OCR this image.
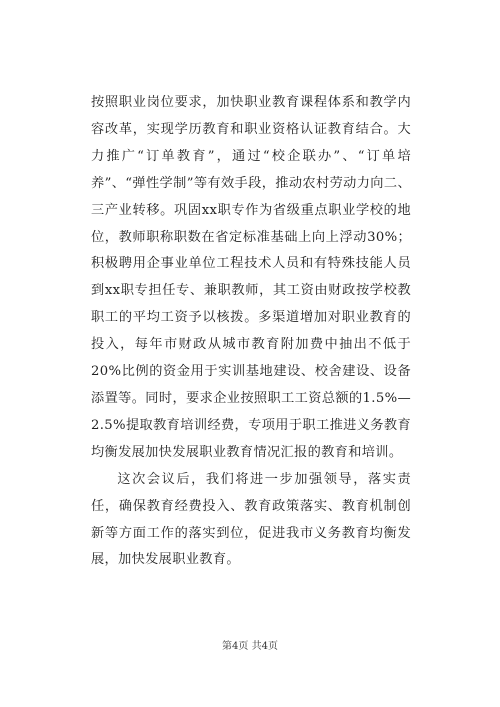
按照职业岗位要求，加快职业教育课程体系和教学内容改革，实现学历教育和职业资格认证教育结合。大力推广“订单教育”，通过“校企联办”、“订单培养”、“弹性学制”等有效手段，推动农村劳动力向二、三产业转移。巩固xx职专作为省级重点职业学校的地位，教师职称职数在省定标准基础上向上浮动30%；积极聘用企事业单位工程技术人员和有特殊技能人员到xx职专担任专、兼职教师，其工资由财政按学校教职工的平均工资予以核拨。多渠道增加对职业教育的投入，每年市财政从城市教育附加费中抽出不低于20%比例的资金用于实训基地建设、校舍建设、设备添置等。同时，要求企业按照职工工资总额的1.5%—2.5%提取教育培训经费，专项用于职工推进义务教育均衡发展加快发展职业教育情况汇报的教育和培训。

这次会议后，我们将进一步加强领导，落实责任，确保教育经费投入、教育政策落实、教育机制创新等方面工作的落实到位，促进我市义务教育均衡发展，加快发展职业教育。

第4页 共4页
